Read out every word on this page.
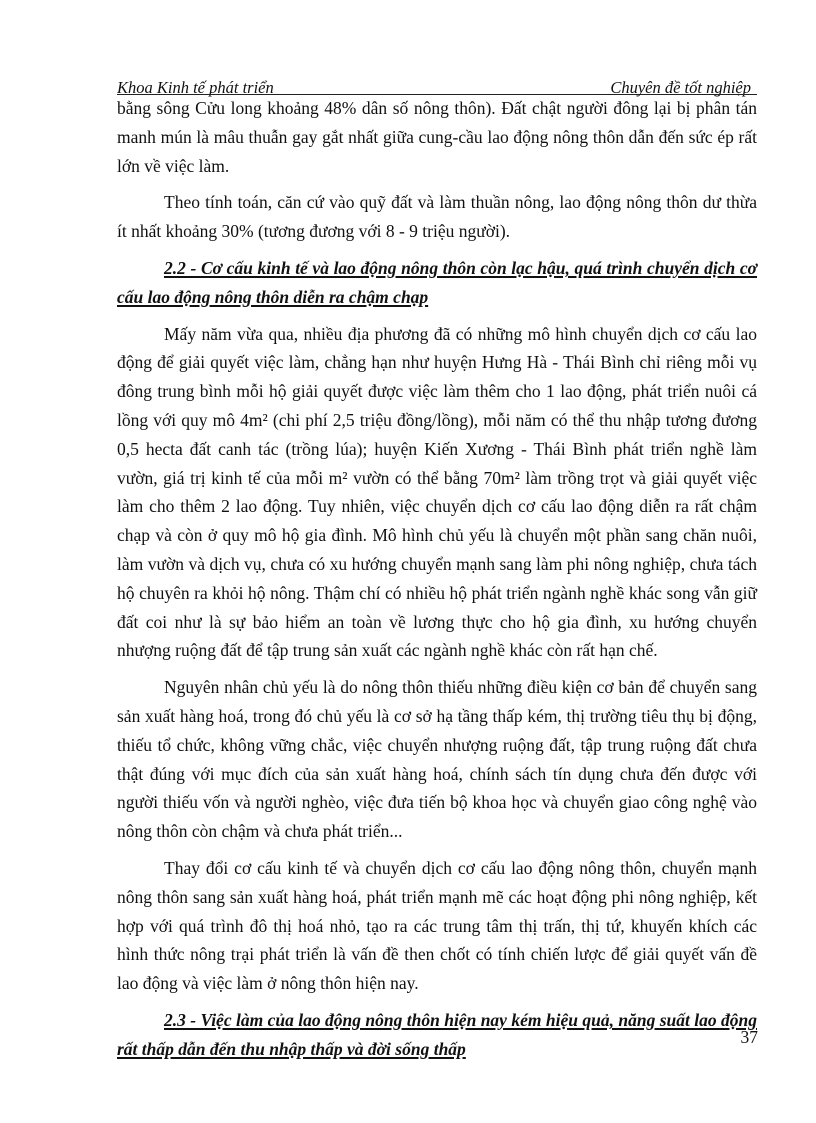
Khoa Kinh tế phát triển	Chuyên đề tốt nghiệp

bằng sông Cửu long khoảng 48% dân số nông thôn). Đất chật người đông lại bị phân tán manh mún là mâu thuẫn gay gắt nhất giữa cung-cầu lao động nông thôn dẫn đến sức ép rất lớn về việc làm.

Theo tính toán, căn cứ vào quỹ đất và làm thuần nông, lao động nông thôn dư thừa ít nhất khoảng 30% (tương đương với 8 - 9 triệu người).

2.2 - Cơ cấu kinh tế và lao động nông thôn còn lạc hậu, quá trình chuyển dịch cơ cấu lao động nông thôn diễn ra chậm chạp

Mấy năm vừa qua, nhiều địa phương đã có những mô hình chuyển dịch cơ cấu lao động để giải quyết việc làm, chẳng hạn như huyện Hưng Hà - Thái Bình chỉ riêng mỗi vụ đông trung bình mỗi hộ giải quyết được việc làm thêm cho 1 lao động, phát triển nuôi cá lồng với quy mô 4m² (chi phí 2,5 triệu đồng/lồng), mỗi năm có thể thu nhập tương đương 0,5 hecta đất canh tác (trồng lúa); huyện Kiến Xương - Thái Bình phát triển nghề làm vườn, giá trị kinh tế của mỗi m² vườn có thể bằng 70m² làm trồng trọt và giải quyết việc làm cho thêm 2 lao động. Tuy nhiên, việc chuyển dịch cơ cấu lao động diễn ra rất chậm chạp và còn ở quy mô hộ gia đình. Mô hình chủ yếu là chuyển một phần sang chăn nuôi, làm vườn và dịch vụ, chưa có xu hướng chuyển mạnh sang làm phi nông nghiệp, chưa tách hộ chuyên ra khỏi hộ nông. Thậm chí có nhiều hộ phát triển ngành nghề khác song vẫn giữ đất coi như là sự bảo hiểm an toàn về lương thực cho hộ gia đình, xu hướng chuyển nhượng ruộng đất để tập trung sản xuất các ngành nghề khác còn rất hạn chế.

Nguyên nhân chủ yếu là do nông thôn thiếu những điều kiện cơ bản để chuyển sang sản xuất hàng hoá, trong đó chủ yếu là cơ sở hạ tầng thấp kém, thị trường tiêu thụ bị động, thiếu tổ chức, không vững chắc, việc chuyển nhượng ruộng đất, tập trung ruộng đất chưa thật đúng với mục đích của sản xuất hàng hoá, chính sách tín dụng chưa đến được với người thiếu vốn và người nghèo, việc đưa tiến bộ khoa học và chuyển giao công nghệ vào nông thôn còn chậm và chưa phát triển...

Thay đổi cơ cấu kinh tế và chuyển dịch cơ cấu lao động nông thôn, chuyển mạnh nông thôn sang sản xuất hàng hoá, phát triển mạnh mẽ các hoạt động phi nông nghiệp, kết hợp với quá trình đô thị hoá nhỏ, tạo ra các trung tâm thị trấn, thị tứ, khuyến khích các hình thức nông trại phát triển là vấn đề then chốt có tính chiến lược để giải quyết vấn đề lao động và việc làm ở nông thôn hiện nay.

2.3 - Việc làm của lao động nông thôn hiện nay kém hiệu quả, năng suất lao động rất thấp dẫn đến thu nhập thấp và đời sống thấp

37
